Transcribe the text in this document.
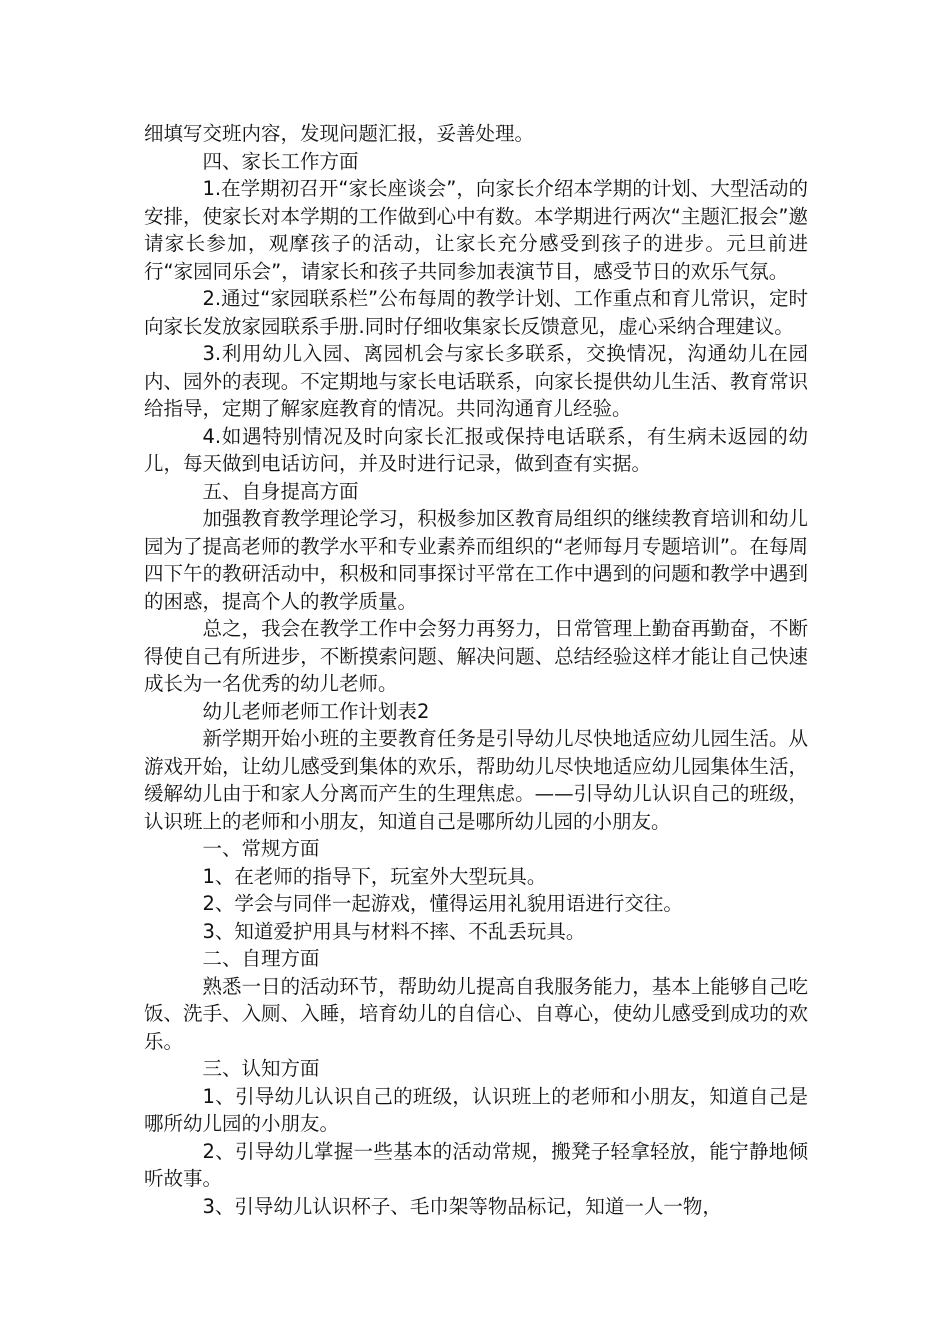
细填写交班内容，发现问题汇报，妥善处理。

四、家长工作方面

1.在学期初召开“家长座谈会”，向家长介绍本学期的计划、大型活动的安排，使家长对本学期的工作做到心中有数。本学期进行两次“主题汇报会”邀请家长参加，观摩孩子的活动，让家长充分感受到孩子的进步。元旦前进行“家园同乐会”，请家长和孩子共同参加表演节目，感受节日的欢乐气氛。

2.通过“家园联系栏”公布每周的教学计划、工作重点和育儿常识，定时向家长发放家园联系手册.同时仔细收集家长反馈意见，虚心采纳合理建议。

3.利用幼儿入园、离园机会与家长多联系，交换情况，沟通幼儿在园内、园外的表现。不定期地与家长电话联系，向家长提供幼儿生活、教育常识给指导，定期了解家庭教育的情况。共同沟通育儿经验。

4.如遇特别情况及时向家长汇报或保持电话联系，有生病未返园的幼儿，每天做到电话访问，并及时进行记录，做到查有实据。

五、自身提高方面

加强教育教学理论学习，积极参加区教育局组织的继续教育培训和幼儿园为了提高老师的教学水平和专业素养而组织的“老师每月专题培训”。在每周四下午的教研活动中，积极和同事探讨平常在工作中遇到的问题和教学中遇到的困惑，提高个人的教学质量。

总之，我会在教学工作中会努力再努力，日常管理上勤奋再勤奋，不断得使自己有所进步，不断摸索问题、解决问题、总结经验这样才能让自己快速成长为一名优秀的幼儿老师。

幼儿老师老师工作计划表2

新学期开始小班的主要教育任务是引导幼儿尽快地适应幼儿园生活。从游戏开始，让幼儿感受到集体的欢乐，帮助幼儿尽快地适应幼儿园集体生活，缓解幼儿由于和家人分离而产生的生理焦虑。——引导幼儿认识自己的班级，认识班上的老师和小朋友，知道自己是哪所幼儿园的小朋友。

一、常规方面

1、在老师的指导下，玩室外大型玩具。

2、学会与同伴一起游戏，懂得运用礼貌用语进行交往。

3、知道爱护用具与材料不摔、不乱丢玩具。

二、自理方面

熟悉一日的活动环节，帮助幼儿提高自我服务能力，基本上能够自己吃饭、洗手、入厕、入睡，培育幼儿的自信心、自尊心，使幼儿感受到成功的欢乐。

三、认知方面

1、引导幼儿认识自己的班级，认识班上的老师和小朋友，知道自己是哪所幼儿园的小朋友。

2、引导幼儿掌握一些基本的活动常规，搬凳子轻拿轻放，能宁静地倾听故事。

3、引导幼儿认识杯子、毛巾架等物品标记，知道一人一物，
